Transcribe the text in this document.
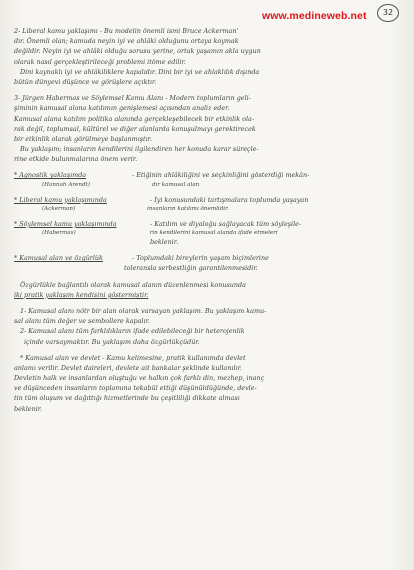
www.medineweb.net	32
2- Liberal kamu yaklaşımı - Bu modelin önemli ismi Bruce Ackerman'
dır. Önemli olan; kamuda neyin iyi ve ahlâki olduğunu ortaya koymak
değildir. Neyin iyi ve ahlâki olduğu sorusu yerine, ortak yaşamın akla uygun
olarak nasıl gerçekleştirileceği problemi itöme edilir.
Dini kaynaklı iyi ve ahlâkiliklere kapalıdır. Dini bir iyi ve ahlaklılık dışında
bütün dünyevi düşünce ve görüşlere açıktır.
3- Jürgen Habermas ve Söylemsel Kamu Alanı - Modern toplumların geli-
şiminin kamusal alana katılımın genişlemesi açısından analiz eder.
Kamusal alana katılım politika alanında gerçekleşebilecek bir etkinlik ola-
rak değil, toplumsal, kültürel ve diğer alanlarda konuşulmayı gerektirecek
bir etkinlik olarak görülmeye başlanmıştır.
Bu yaklaşım; insanların kendilerini ilgilendiren her konuda karar süreçle-
rine etkide bulunmalarına önem verir.
* Agnostik yaklaşımda	- Etiğinin ahlâkiliğini ve seçkinliğini gösterdiği mekân-
(Hannah Arendt)	dır kamusal alan
* Liberal kamu yaklaşımında	- İyi konusundaki tartışmalara toplumda yaşayan
(Ackerman)	insanların katılımı önemlidir.
* Söylemsel kamu yaklaşımında	- Katılım ve diyaloğu sağlayacak tüm söyleşile-
(Habermas)	rin kendilerini kamusal alanda ifade etmeleri
beklenir.
* Kamusal alan ve özgürlük	- Toplumdaki bireylerin yaşam biçimlerine
toleransla serbestliğin garantilenmesidir.
Özgürlükle bağlantılı olarak kamusal alanın düzenlenmesi konusunda
iki pratik yaklaşım kendisini göstermiştir.
1- Kamusal alanı nötr bir alan olarak varsayan yaklaşım. Bu yaklaşım kamu-
sal alanı tüm değer ve sembollere kapalır.
2- Kamusal alanı tüm farklılıkların ifade edilebileceği bir heterojenlik
içinde varsaymaktır. Bu yaklaşım daha özgürlükçüdür.
* Kamusal alan ve devlet - Kamu kelimesine, pratik kullanımda devlet
anlamı verilir. Devlet daireleri, devlete ait bankalar şeklinde kullanılır.
Devletin halk ve insanlardan oluştuğu ve halkın çok farklı din, mezhep, inanç
ve düşünceden insanların toplamına tekabül ettiği düşünüldüğünde, devle-
tin tüm oluşum ve dağıttığı hizmetlerinde bu çeşitliliği dikkate alması
beklenir.
